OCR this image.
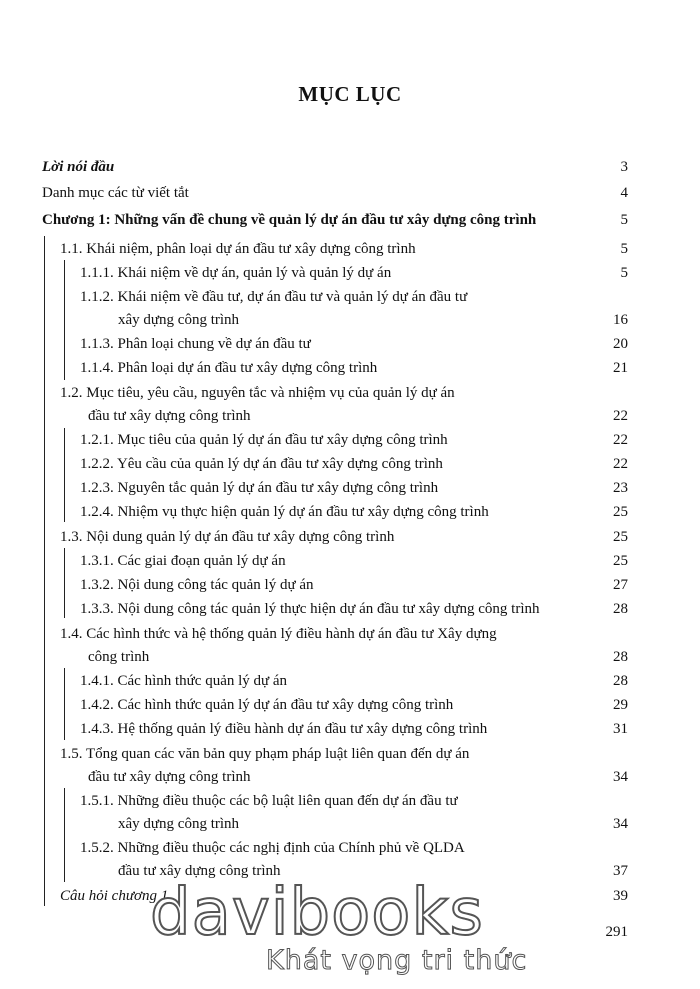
MỤC LỤC
Lời nói đầu	3
Danh mục các từ viết tắt	4
Chương 1: Những vấn đề chung về quản lý dự án đầu tư xây dựng công trình	5
1.1. Khái niệm, phân loại dự án đầu tư xây dựng công trình	5
1.1.1. Khái niệm về dự án, quản lý và quản lý dự án	5
1.1.2. Khái niệm về đầu tư, dự án đầu tư và quản lý dự án đầu tư
xây dựng công trình	16
1.1.3. Phân loại chung về dự án đầu tư	20
1.1.4. Phân loại dự án đầu tư xây dựng công trình	21
1.2. Mục tiêu, yêu cầu, nguyên tắc và nhiệm vụ của quản lý dự án
đầu tư xây dựng công trình	22
1.2.1. Mục tiêu của quản lý dự án đầu tư xây dựng công trình	22
1.2.2. Yêu cầu của quản lý dự án đầu tư xây dựng công trình	22
1.2.3. Nguyên tắc quản lý dự án đầu tư xây dựng công trình	23
1.2.4. Nhiệm vụ thực hiện quản lý dự án đầu tư xây dựng công trình	25
1.3. Nội dung quản lý dự án đầu tư xây dựng công trình	25
1.3.1. Các giai đoạn quản lý dự án	25
1.3.2. Nội dung công tác quản lý dự án	27
1.3.3. Nội dung công tác quản lý thực hiện dự án đầu tư xây dựng công trình	28
1.4. Các hình thức và hệ thống quản lý điều hành dự án đầu tư Xây dựng
công trình	28
1.4.1. Các hình thức quản lý dự án	28
1.4.2. Các hình thức quản lý dự án đầu tư xây dựng công trình	29
1.4.3. Hệ thống quản lý điều hành dự án đầu tư xây dựng công trình	31
1.5. Tổng quan các văn bản quy phạm pháp luật liên quan đến dự án
đầu tư xây dựng công trình	34
1.5.1. Những điều thuộc các bộ luật liên quan đến dự án đầu tư
xây dựng công trình	34
1.5.2. Những điều thuộc các nghị định của Chính phủ về QLDA
đầu tư xây dựng công trình	37
Câu hỏi chương 1	39
291
davibooks
Khát vọng tri thức
